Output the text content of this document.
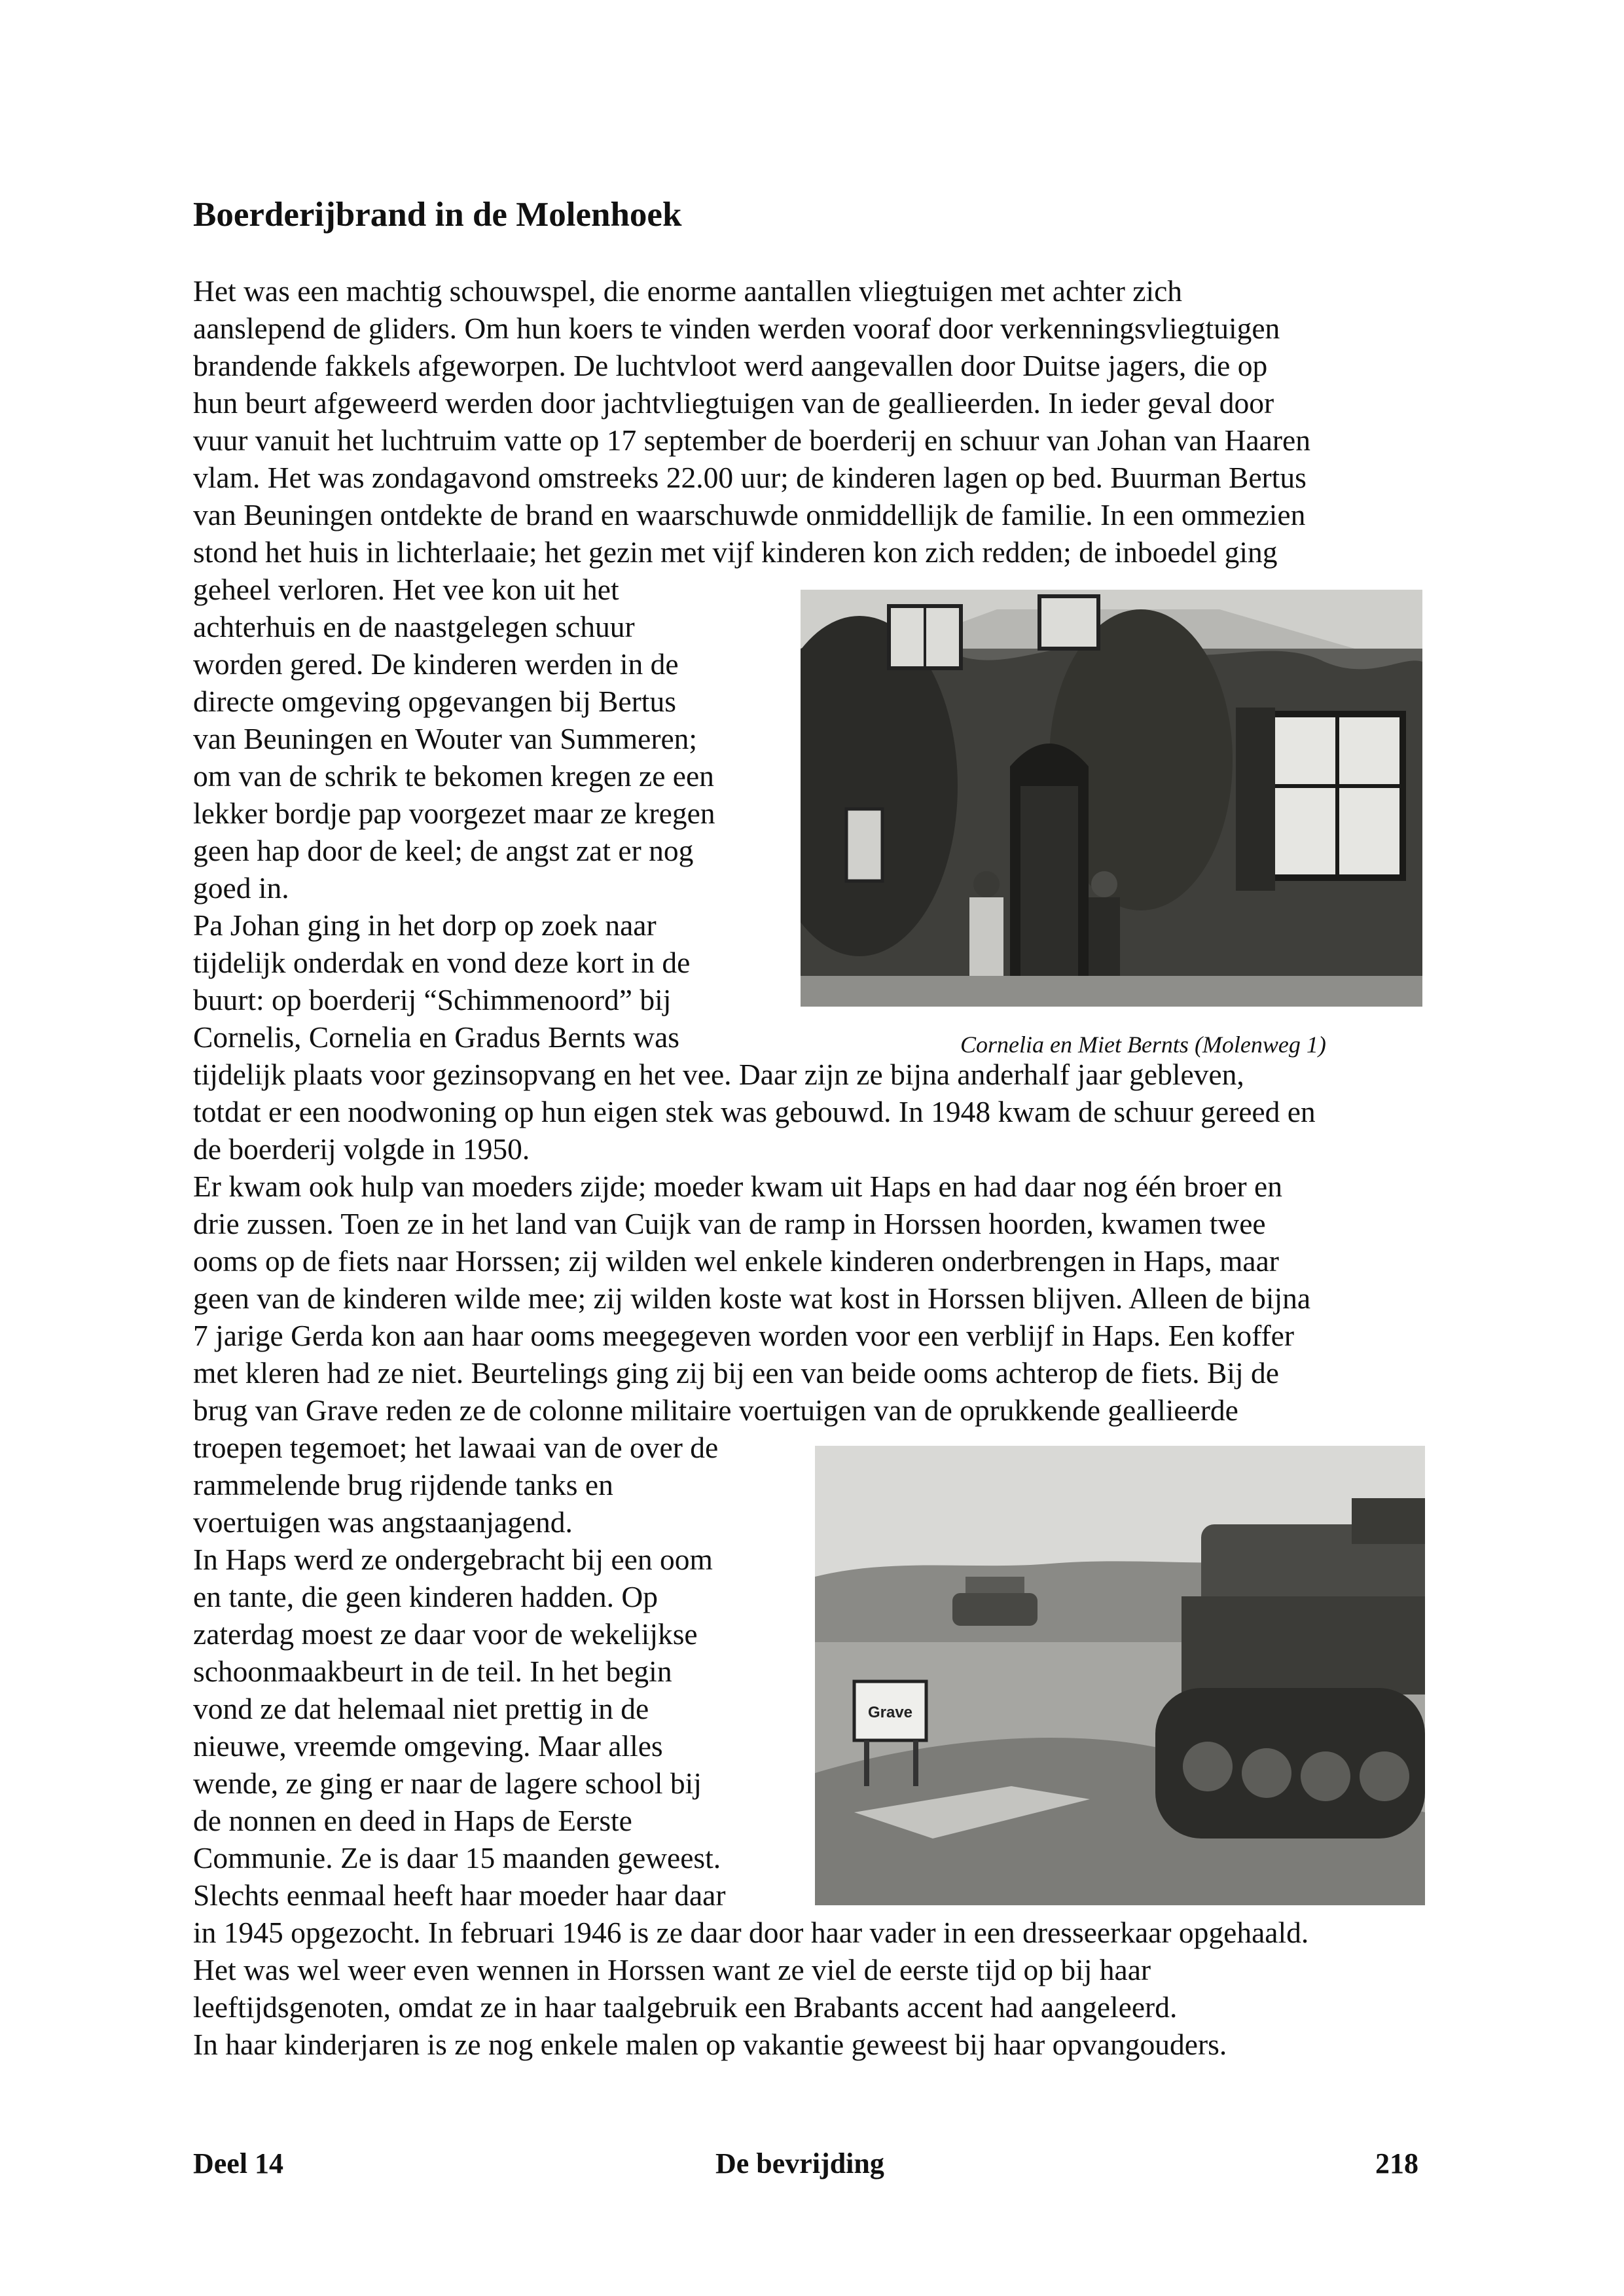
Boerderijbrand in de Molenhoek

Het was een machtig schouwspel, die enorme aantallen vliegtuigen met achter zich

aanslepend de gliders. Om hun koers te vinden werden vooraf door verkenningsvliegtuigen

brandende fakkels afgeworpen. De luchtvloot werd aangevallen door Duitse jagers, die op

hun beurt afgeweerd werden door jachtvliegtuigen van de geallieerden. In ieder geval door

vuur vanuit het luchtruim vatte op 17 september de boerderij en schuur van Johan van Haaren

vlam. Het was zondagavond omstreeks 22.00 uur; de kinderen lagen op bed. Buurman Bertus

van Beuningen ontdekte de brand en waarschuwde onmiddellijk de familie. In een ommezien

stond het huis in lichterlaaie; het gezin met vijf kinderen kon zich redden; de inboedel ging

geheel verloren. Het vee kon uit het

achterhuis en de naastgelegen schuur

worden gered. De kinderen werden in de

directe omgeving opgevangen bij Bertus

van Beuningen en Wouter van Summeren;

om van de schrik te bekomen kregen ze een

lekker bordje pap voorgezet maar ze kregen

geen hap door de keel; de angst zat er nog

goed in.

Pa Johan ging in het dorp op zoek naar

tijdelijk onderdak en vond deze kort in de

buurt: op boerderij “Schimmenoord” bij

Cornelis, Cornelia en Gradus Bernts was

tijdelijk plaats voor gezinsopvang en het vee. Daar zijn ze bijna anderhalf jaar gebleven,

totdat er een noodwoning op hun eigen stek was gebouwd. In 1948 kwam de schuur gereed en

de boerderij volgde in 1950.

Er kwam ook hulp van moeders zijde; moeder kwam uit Haps en had daar nog één broer en

drie zussen. Toen ze in het land van Cuijk van de ramp in Horssen hoorden, kwamen twee

ooms op de fiets naar Horssen; zij wilden wel enkele kinderen onderbrengen in Haps, maar

geen van de kinderen wilde mee; zij wilden koste wat kost in Horssen blijven. Alleen de bijna

7 jarige Gerda kon aan haar ooms meegegeven worden voor een verblijf in Haps. Een koffer

met kleren had ze niet. Beurtelings ging zij bij een van beide ooms achterop de fiets. Bij de

brug van Grave reden ze de colonne militaire voertuigen van de oprukkende geallieerde

troepen tegemoet; het lawaai van de over de

rammelende brug rijdende tanks en

voertuigen was angstaanjagend.

In Haps werd ze ondergebracht bij een oom

en tante, die geen kinderen hadden. Op

zaterdag moest ze daar voor de wekelijkse

schoonmaakbeurt in de teil. In het begin

vond ze dat helemaal niet prettig in de

nieuwe, vreemde omgeving. Maar alles

wende, ze ging er naar de lagere school bij

de nonnen en deed in Haps de Eerste

Communie. Ze is daar 15 maanden geweest.

Slechts eenmaal heeft haar moeder haar daar

in 1945 opgezocht. In februari 1946 is ze daar door haar vader in een dresseerkaar opgehaald.

Het was wel weer even wennen in Horssen want ze viel de eerste tijd op bij haar

leeftijdsgenoten, omdat ze in haar taalgebruik een Brabants accent had aangeleerd.

In haar kinderjaren is ze nog enkele malen op vakantie geweest bij haar opvangouders.

Cornelia en Miet Bernts (Molenweg 1)

Grave

Deel 14	De bevrijding	218
